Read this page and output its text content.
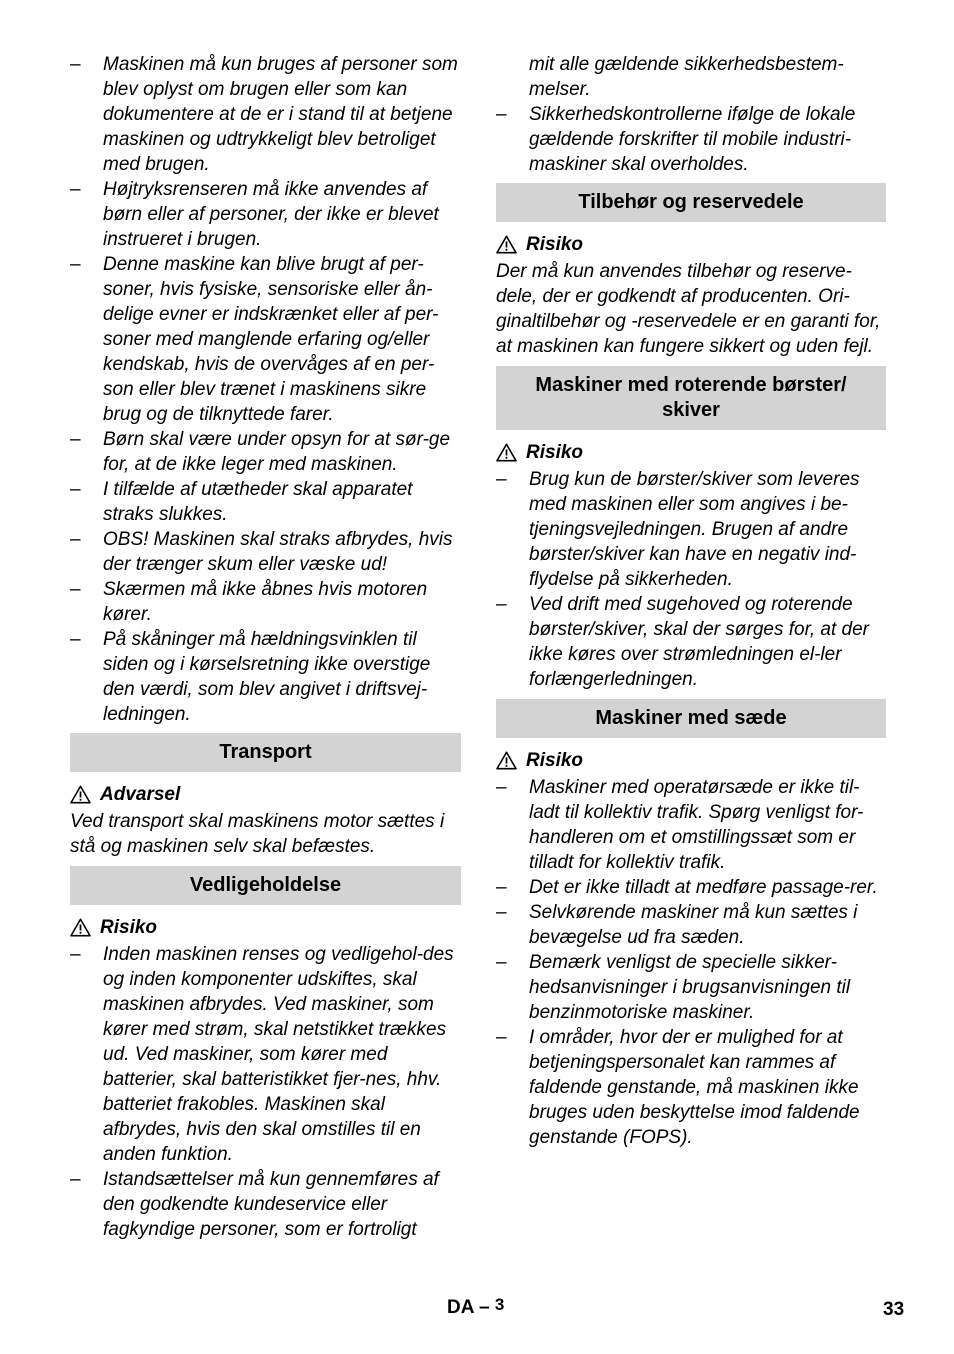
– Maskinen må kun bruges af personer som blev oplyst om brugen eller som kan dokumentere at de er i stand til at betjene maskinen og udtrykkeligt blev betroliget med brugen.
– Højtryksrenseren må ikke anvendes af børn eller af personer, der ikke er blevet instrueret i brugen.
– Denne maskine kan blive brugt af per-soner, hvis fysiske, sensoriske eller ån-delige evner er indskrænket eller af per-soner med manglende erfaring og/eller kendskab, hvis de overvåges af en per-son eller blev trænet i maskinens sikre brug og de tilknyttede farer.
– Børn skal være under opsyn for at sør-ge for, at de ikke leger med maskinen.
– I tilfælde af utætheder skal apparatet straks slukkes.
– OBS! Maskinen skal straks afbrydes, hvis der trænger skum eller væske ud!
– Skærmen må ikke åbnes hvis motoren kører.
– På skåninger må hældningsvinklen til siden og i kørselsretning ikke overstige den værdi, som blev angivet i driftsvej-ledningen.
Transport
Advarsel
Ved transport skal maskinens motor sættes i stå og maskinen selv skal befæstes.
Vedligeholdelse
Risiko
– Inden maskinen renses og vedligehol-des og inden komponenter udskiftes, skal maskinen afbrydes. Ved maskiner, som kører med strøm, skal netstikket trækkes ud. Ved maskiner, som kører med batterier, skal batteristikket fjer-nes, hhv. batteriet frakobles. Maskinen skal afbrydes, hvis den skal omstilles til en anden funktion.
– Istandsættelser må kun gennemføres af den godkendte kundeservice eller fagkyndige personer, som er fortroligt
mit alle gældende sikkerhedsbestem-melser.
– Sikkerhedskontrollerne ifølge de lokale gældende forskrifter til mobile industri-maskiner skal overholdes.
Tilbehør og reservedele
Risiko
Der må kun anvendes tilbehør og reserve-dele, der er godkendt af producenten. Ori-ginaltilbehør og -reservedele er en garanti for, at maskinen kan fungere sikkert og uden fejl.
Maskiner med roterende børster/ skiver
Risiko
– Brug kun de børster/skiver som leveres med maskinen eller som angives i be-tjeningsvejledningen. Brugen af andre børster/skiver kan have en negativ ind-flydelse på sikkerheden.
– Ved drift med sugehoved og roterende børster/skiver, skal der sørges for, at der ikke køres over strømledningen el-ler forlængerledningen.
Maskiner med sæde
Risiko
– Maskiner med operatørsæde er ikke til-ladt til kollektiv trafik. Spørg venligst for-handleren om et omstillingssæt som er tilladt for kollektiv trafik.
– Det er ikke tilladt at medføre passage-rer.
– Selvkørende maskiner må kun sættes i bevægelse ud fra sæden.
– Bemærk venligst de specielle sikker-hedsanvisninger i brugsanvisningen til benzinmotoriske maskiner.
– I områder, hvor der er mulighed for at betjeningspersonalet kan rammes af faldende genstande, må maskinen ikke bruges uden beskyttelse imod faldende genstande (FOPS).
DA – $^3$	33
